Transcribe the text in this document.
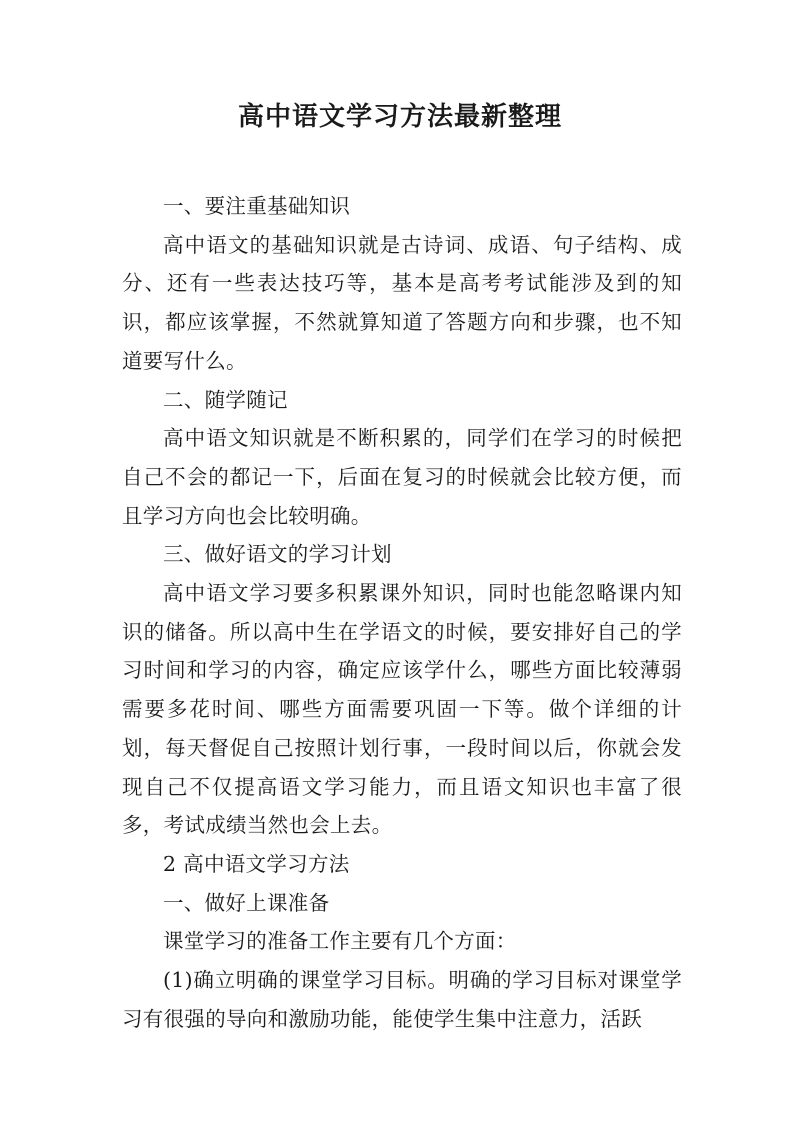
高中语文学习方法最新整理

一、要注重基础知识

高中语文的基础知识就是古诗词、成语、句子结构、成分、还有一些表达技巧等，基本是高考考试能涉及到的知识，都应该掌握，不然就算知道了答题方向和步骤，也不知道要写什么。

二、随学随记

高中语文知识就是不断积累的，同学们在学习的时候把自己不会的都记一下，后面在复习的时候就会比较方便，而且学习方向也会比较明确。

三、做好语文的学习计划

高中语文学习要多积累课外知识，同时也能忽略课内知识的储备。所以高中生在学语文的时候，要安排好自己的学习时间和学习的内容，确定应该学什么，哪些方面比较薄弱需要多花时间、哪些方面需要巩固一下等。做个详细的计划，每天督促自己按照计划行事，一段时间以后，你就会发现自己不仅提高语文学习能力，而且语文知识也丰富了很多，考试成绩当然也会上去。

2 高中语文学习方法

一、做好上课准备

课堂学习的准备工作主要有几个方面：

(1)确立明确的课堂学习目标。明确的学习目标对课堂学习有很强的导向和激励功能，能使学生集中注意力，活跃
